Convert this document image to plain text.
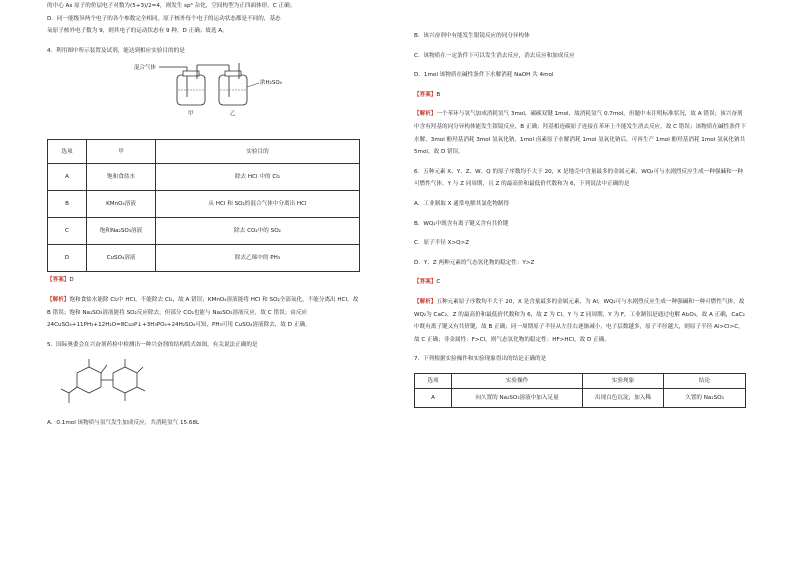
的中心 As 原子的价层电子对数为(5+3)/2=4，则发生 sp³ 杂化，空间构型为正四面体形，C 正确；

D．同一能级异两个电子的各个参数完全相同。原子核外每个电子的运动状态都是不同的，基态

氧原子核外电子数为 9，则其电子的运动状态有 9 种，D 正确；故选 A。

4．利用图中所示装置及试剂，能达到相应实验目的的是

混合气体
浓H₂SO₄
甲	乙
选项	甲	实验目的
A	饱和食盐水	除去 HCl 中的 Cl₂
B	KMnO₄溶液	从 HCl 和 SO₂的混合气体中分离出 HCl
C	饱和Na₂SO₃溶液	除去 CO₂中的 SO₂
D	CuSO₄溶液	除去乙烯中的 PH₃

【答案】D

【解析】饱和食盐水能除 Cl₂中 HCl，不能除去 Cl₂，故 A 错误；KMnO₄溶液能将 HCl 和 SO₂全部氧化，不能分离出 HCl，故 B 错误；饱和 Na₂SO₃溶液能将 SO₂反应除去，但部分 CO₂也能与 Na₂SO₃溶液反应，故 C 错误；由反应 24CuSO₄+11PH₃+12H₂O=8Cu₃P↓+3H₃PO₄+24H₂SO₄可知，PH₃可用 CuSO₄溶液除去，故 D 正确。

5．国际奥委会在兴奋剂药检中检测出一种兴奋剂的结构简式如图，有关说法正确的是

A．0.1mol 该物质与氢气发生加成反应，共消耗氢气 15.68L

B．该兴奋剂中有能发生银镜反应的同分异构体

C．该物质在一定条件下可以发生消去反应，消去反应和加成反应

D．1mol 该物质在碱性条件下水解消耗 NaOH 共 4mol

【答案】B

【解析】一个苯环与氢气加成消耗氢气 3mol，碳碳双键 1mol，故消耗氢气 0.7mol，但题中未注明标准状况，故 A 错误；该兴奋剂中含有羟基的同分异构体能发生银镜反应，B 正确；羟基相连碳原子连接在苯环上不能发生消去反应，故 C 错误；该物质在碱性条件下水解，3mol 酚羟基消耗 3mol 氢氧化钠，1mol 卤素原子水解消耗 1mol 氢氧化钠后，可再生产 1mol 酚羟基消耗 1mol 氢氧化钠共 5mol，故 D 错误。

6．五种元素 X、Y、Z、W、Q 的原子序数均不大于 20，X 是地壳中含量最多的金属元素，WQ₂可与水剧烈反应生成一种强碱和一种可燃性气体，Y 与 Z 同周期，且 Z 的最高价和最低价代数和为 6，下列说法中正确的是

A．工业制取 X 通常电解其氯化物制得

B．WQ₂中既含有离子键又含有共价键

C．原子半径 X>Q>Z

D．Y、Z 两种元素的气态氢化物的稳定性：Y>Z

【答案】C

【解析】五种元素原子序数均不大于 20，X 是含量最多的金属元素，为 Al，WQ₂可与水剧烈反应生成一种强碱和一种可燃性气体，故 WQ₂为 CaC₂，Z 的最高价和最低价代数和为 6，故 Z 为 Cl，Y 与 Z 同周期，Y 为 F，工业制铝是通过电解 Al₂O₃，故 A 正确，CaC₂中既有离子键又有共价键，故 B 正确；同一周期原子半径从左往右逐渐减小，电子层数越多，原子半径越大，则原子半径 Al>Cl>C，故 C 正确；非金属性：F>Cl，则气态氢化物的稳定性：HF>HCl，故 D 正确。

7．下列根据实验操作和实验现象得出的结论正确的是

选项	实验操作	实验现象	结论
A	向久置的 Na₂SO₃溶液中加入足量	出现白色沉淀，加入稀	久置的 Na₂SO₃
